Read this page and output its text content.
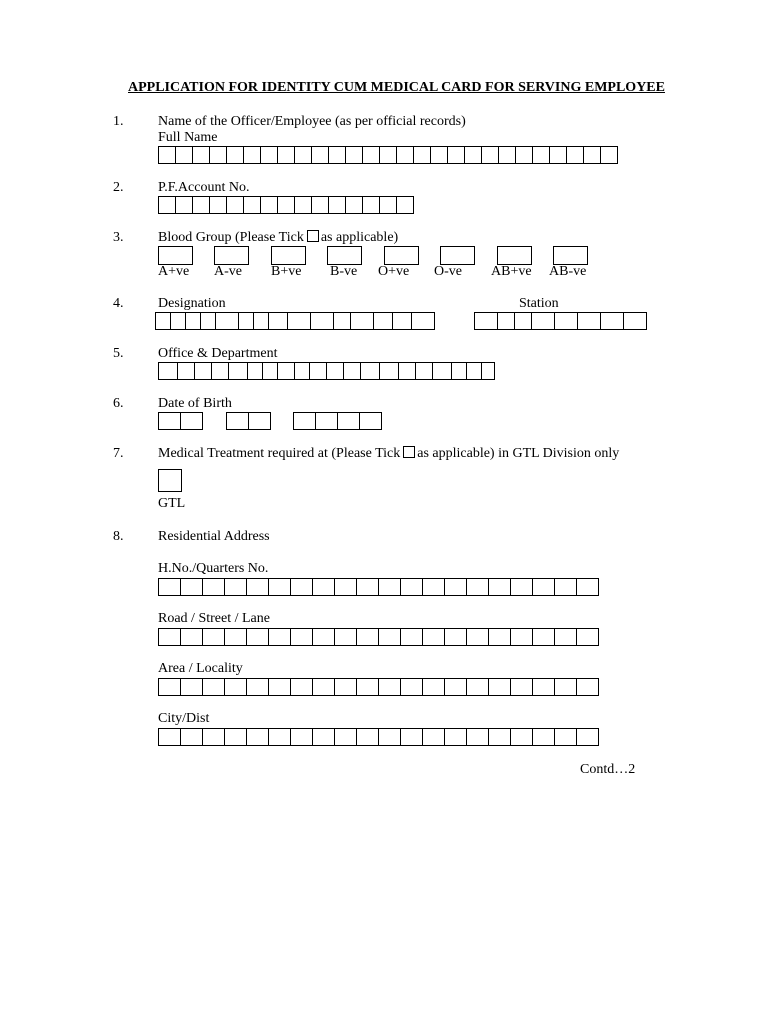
APPLICATION FOR IDENTITY CUM MEDICAL CARD FOR SERVING EMPLOYEE
1. Name of the Officer/Employee (as per official records)
Full Name
2. P.F.Account No.
3. Blood Group (Please Tick as applicable)
A+ve A-ve B+ve B-ve O+ve O-ve AB+ve AB-ve
4. Designation	Station
5. Office & Department
6. Date of Birth
7. Medical Treatment required at (Please Tick as applicable) in GTL Division only
GTL
8. Residential Address
H.No./Quarters No.
Road / Street / Lane
Area / Locality
City/Dist
Contd…2
